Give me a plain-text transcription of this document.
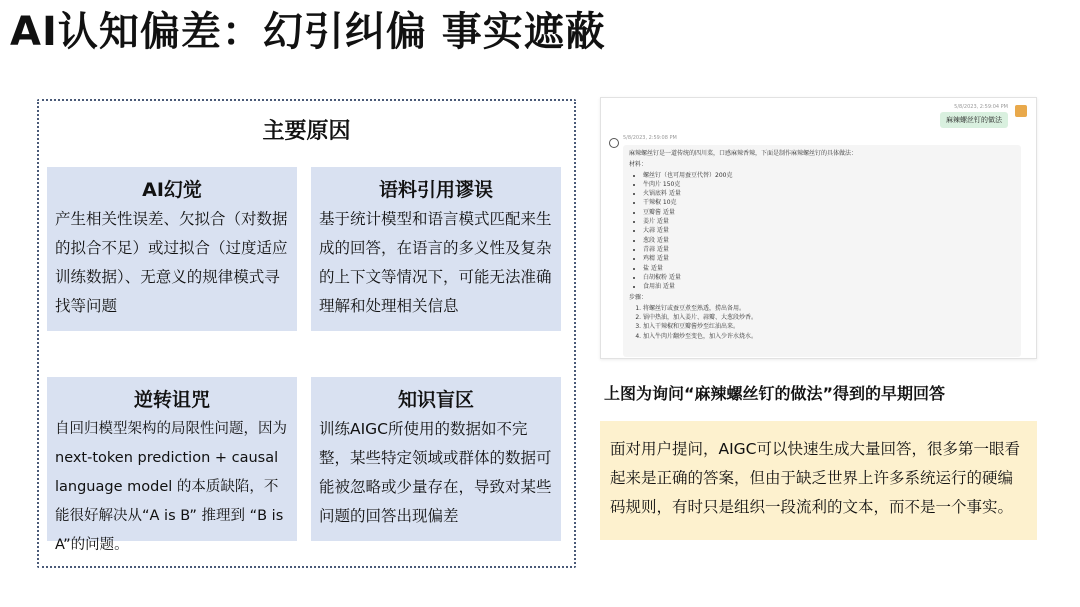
AI认知偏差：幻引纠偏 事实遮蔽
主要原因
AI幻觉
产生相关性误差、欠拟合（对数据的拟合不足）或过拟合（过度适应训练数据）、无意义的规律模式寻找等问题
语料引用谬误
基于统计模型和语言模式匹配来生成的回答，在语言的多义性及复杂的上下文等情况下，可能无法准确理解和处理相关信息
逆转诅咒
自回归模型架构的局限性问题，因为next-token prediction + causal language model 的本质缺陷，不能很好解决从“A is B” 推理到 “B is A”的问题。
知识盲区
训练AIGC所使用的数据如不完整，某些特定领域或群体的数据可能被忽略或少量存在，导致对某些问题的回答出现偏差
5/8/2023, 2:59:04 PM
麻辣螺丝钉的做法
5/8/2023, 2:59:08 PM
麻辣螺丝钉是一道传统的四川菜，口感麻辣香辣，下面是制作麻辣螺丝钉的具体做法：
材料：
• 螺丝钉（也可用蚕豆代替）200克
• 牛肉片 150克
• 火锅底料 适量
• 干辣椒 10克
• 豆瓣酱 适量
• 姜片 适量
• 大蒜 适量
• 葱段 适量
• 青蒜 适量
• 鸡精 适量
• 盐 适量
• 白胡椒粉 适量
• 食用油 适量
步骤：
1. 将螺丝钉或蚕豆煮至熟透，捞出备用。
2. 锅中热油，加入姜片、蒜瓣、大葱段炒香。
3. 加入干辣椒和豆瓣酱炒至红油出来。
4. 加入牛肉片翻炒至变色，加入少许水烧水。
上图为询问“麻辣螺丝钉的做法”得到的早期回答
面对用户提问，AIGC可以快速生成大量回答，很多第一眼看起来是正确的答案，但由于缺乏世界上许多系统运行的硬编码规则，有时只是组织一段流利的文本，而不是一个事实。
